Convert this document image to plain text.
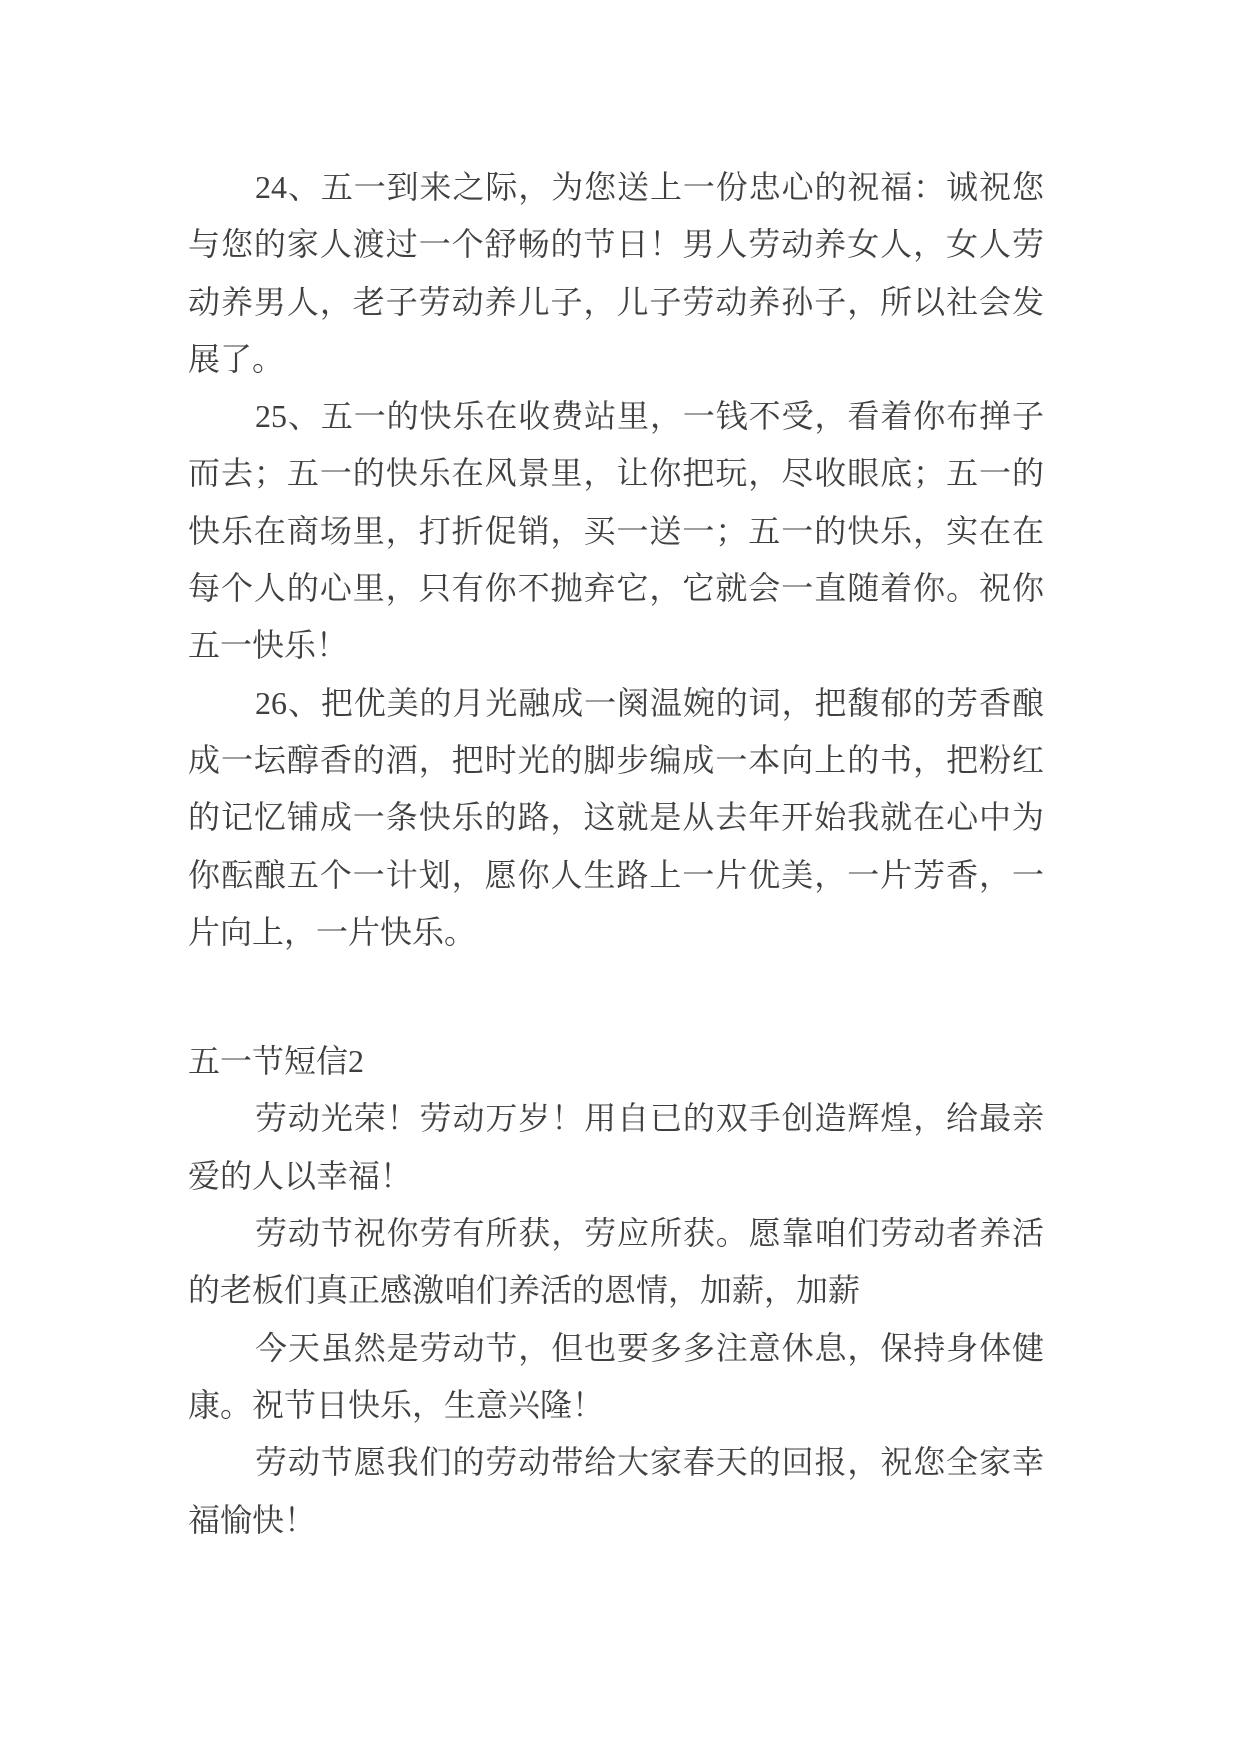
24、五一到来之际，为您送上一份忠心的祝福：诚祝您
与您的家人渡过一个舒畅的节日！男人劳动养女人，女人劳
动养男人，老子劳动养儿子，儿子劳动养孙子，所以社会发
展了。
25、五一的快乐在收费站里，一钱不受，看着你布掸子
而去；五一的快乐在风景里，让你把玩，尽收眼底；五一的
快乐在商场里，打折促销，买一送一；五一的快乐，实在在
每个人的心里，只有你不抛弃它，它就会一直随着你。祝你
五一快乐！
26、把优美的月光融成一阕温婉的词，把馥郁的芳香酿
成一坛醇香的酒，把时光的脚步编成一本向上的书，把粉红
的记忆铺成一条快乐的路，这就是从去年开始我就在心中为
你酝酿五个一计划，愿你人生路上一片优美，一片芳香，一
片向上，一片快乐。
五一节短信2
劳动光荣！劳动万岁！用自已的双手创造辉煌，给最亲
爱的人以幸福！
劳动节祝你劳有所获，劳应所获。愿靠咱们劳动者养活
的老板们真正感激咱们养活的恩情，加薪，加薪
今天虽然是劳动节，但也要多多注意休息，保持身体健
康。祝节日快乐，生意兴隆！
劳动节愿我们的劳动带给大家春天的回报，祝您全家幸
福愉快！
